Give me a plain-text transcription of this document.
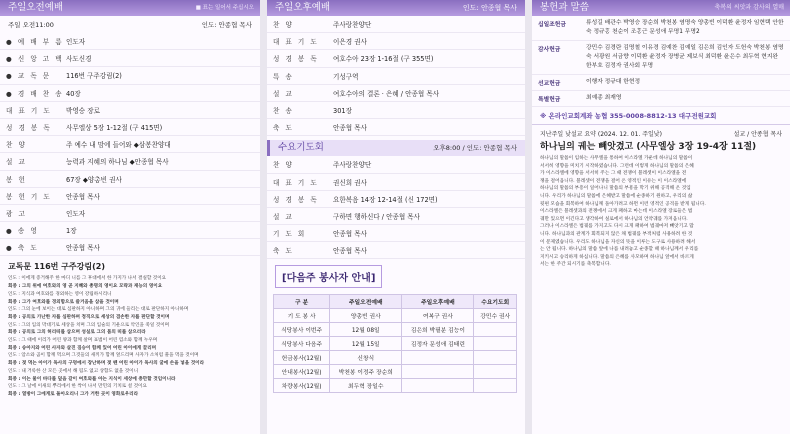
주일오전예배	■ 표는 일어서 주십시오
주일 오전11:00	인도: 안종협 목사
● 예 배 부 름 인도자
● 신 앙 고 백 사도신경
● 교 독 문	116번 구주강림(2)
● 경 배 찬 송 40장
대 표 기 도	박영승 장로
성 경 봉 독	사무엘상 5장 1-12절 (구 415면)
찬 양	주 예수 내 맘에 들어와 ◆삼봉찬양대
설 교	능력과 지혜의 하나님 ◆안종협 목사
봉 헌	67장 ◆양총빈 권사
봉 헌 기 도	안종협 목사
광 고	인도자
● 송 영	1장
● 축 도	안종협 목사
교독문 116번 구주강림(2)
인도 : 이에게 증거해주 한 마디 니를 그 후대에서 한 가지가 나서 결실할 것이요
회중 : 그의 위에 여호와의 영 곧 지혜와 총명의 영이요 모략과 재능의 영이요
인도 : 지식과 여호와를 경외하는 영이 강림하시리니
회중 : 그가 여호와를 경외함으로 즐거움을 삼을 것이며
인도 : 그의 눈에 보이는 대로 심판하지 아니하며 그의 귀에 들리는 대로 판단하지 아니하며
회중 : 공의로 가난한 자를 심판하며 정직으로 세상의 겸손한 자를 판단할 것이며
인도 : 그의 입의 막대기로 세상을 치며 그의 입술의 기운으로 악인을 죽일 것이며
회중 : 공의로 그의 허리띠를 삼으며 성실로 그의 몸의 띠를 삼으리라
인도 : 그 때에 이리가 어린 양과 함께 살며 표범이 어린 염소와 함께 누우며
회중 : 송아지와 어린 사자와 살진 짐승이 함께 있어 어린 아이에게 끌리며
인도 : 암소와 곰이 함께 먹으며 그것들의 새끼가 함께 엎드리며 사자가 소처럼 풀을 먹을 것이며
회중 : 젖 먹는 아이가 독사의 구멍에서 장난하며 젖 뗀 어린 아이가 독사의 굴에 손을 넣을 것이라
인도 : 내 거룩한 산 모든 곳에서 해 됨도 없고 상함도 없을 것이니
회중 : 이는 물이 바다를 덮음 같이 여호와를 아는 지식이 세상에 충만할 것임이니라
인도 : 그 날에 이새의 뿌리에서 한 싹이 나서 만민의 기치로 설 것이요
회중 : 열방이 그에게로 돌아오리니 그가 거한 곳이 영화로우리라
주일오후예배	인도: 안종협 목사
찬 양	주사랑찬양단
대 표 기 도	이은경 권사
성 경 봉 독	여호수아 23장 1-16절 (구 355면)
특 송	기성구역
설 교	여호수아의 결론 · 은혜 / 안종협 목사
찬 송	301장
축 도	안종협 목사
수요기도회	오후8:00 / 인도: 안종협 목사
찬 양	주사랑찬양단
대 표 기 도	권신희 권사
성 경 봉 독	요한복음 14장 12-14절 (신 172면)
설 교	구하면 행하신다 / 안종협 목사
기 도 회	안종협 목사
축 도	안종협 목사
[다음주 봉사자 안내]
구 분	주일오전예배	주일오후예배	수요기도회
기 도 봉 사	양총빈 권사	여복구 권사	강민수 권사
식당봉사 이번주	12월 08일	김은희 박필분 김능이	
식당봉사 다음주	12월 15일	김정자 문성애 김태린	
헌금봉사(12월)	신창식		
안내봉사(12월)	박천봉 이정주 장순희		
차량봉사(12월)	최두혁 장일수		
봉헌과 말씀	축복의 씨앗과 감사의 열매
십일조헌금	류성길 배관수 박영승 장순희 박천봉 염명숙 양총빈 이덕환 윤정자 임현택 안한숙 정규홍 천순이 조홍근 문성애 무명1 무명2
감사헌금	강민수 김경란 김명철 이유경 김예찬 김예일 김은희 김인자 도헌숙 박천봉 염명숙 서광원 서금향 이덕환 윤정자 장병균 제보식 최덕환 윤은수 최두혁 현지완 한부호 김정자 권사회 무명
선교헌금	이행자 정규대 한현정
특별헌금	최예종 최재영
※ 온라인교회계좌 농협 355-0008-8812-13 대구전원교회
지난주일 낮설교 요약 (2024. 12. 01. 주일낮)	설교 / 안종협 목사
하나님의 궤는 빼앗겼고 (사무엘상 3장 19-4장 11절)
하나님의 말씀이 임하는 사무엘을 통하여 이스라엘 가운데 하나님의 말씀이
서서히 영향을 미치기 시작하였습니다. 그런데 이렇게 하나님의 말씀의 은혜
가 이스라엘에 영향을 서서히 주는 그 때 전쟁이 블레셋이 이스라엘을 전
쟁을 걸어옵니다. 블레셋이 전쟁을 걸어 온 영적인 이유는 이 이스라엘에
하나님의 말씀의 부흥이 일어나니 말씀의 부흥을 막기 위해 공격해 온 것입
니다. 우리가 하나님의 말씀에 은혜받고 말씀에 순종하기 원하고, 우리의 삶
뒷편 모습을 회복하여 하나님께 돌아가려고 하면 이런 영적인 공격을 받게 됩니다.
이스라엘은 블레셋과의 전쟁에서 크게 패하고 마는데 이스라엘 장로들은 법
궤만 있으면 이긴다고 생각하여 실로에서 하나님의 언약궤를 가져옵니다.
그러나 이스라엘은 법궤를 가지고도 다시 크게 패하여 법궤마저 빼앗기고 맙
니다. 하나님과의 관계가 회복되지 않은 채 법궤를 부적처럼 사용하려 한 것
이 문제였습니다. 우리도 하나님을 자신의 뜻을 이루는 도구로 사용하려 해서
는 안 됩니다. 하나님의 말씀 앞에 나를 내려놓고 순종할 때 하나님께서 우리를
지키시고 승리하게 하십니다. 말씀의 은혜를 사모하며 하나님 앞에서 바르게
서는 한 주간 되시기를 축복합니다.
